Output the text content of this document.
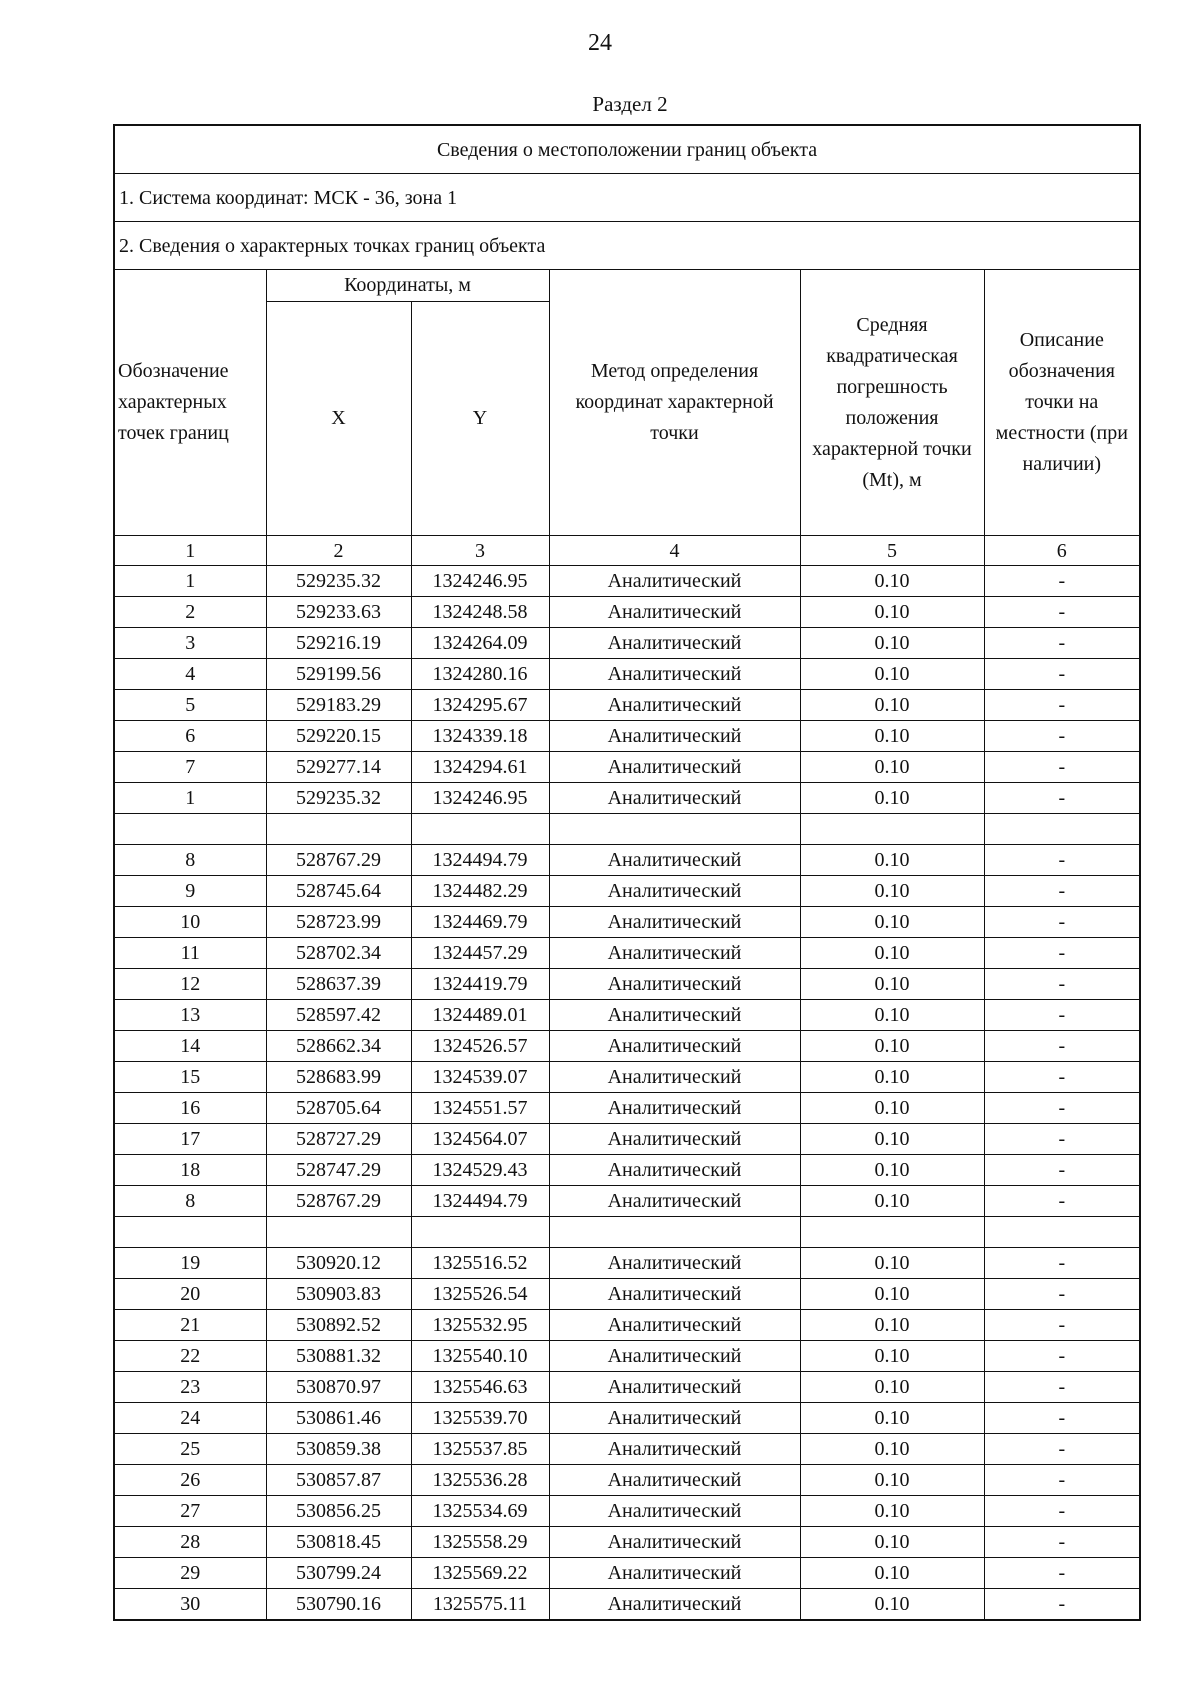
24
Раздел 2
Сведения о местоположении границ объекта					
1. Система координат: МСК - 36, зона 1					
2. Сведения о характерных точках границ объекта					
Обозначение характерных точек границ	Координаты, м		Метод определения координат характерной точки	Средняя квадратическая погрешность положения характерной точки (Mt), м	Описание обозначения точки на местности (при наличии)
	X	Y			
1	2	3	4	5	6
1	529235.32	1324246.95	Аналитический	0.10	-
2	529233.63	1324248.58	Аналитический	0.10	-
3	529216.19	1324264.09	Аналитический	0.10	-
4	529199.56	1324280.16	Аналитический	0.10	-
5	529183.29	1324295.67	Аналитический	0.10	-
6	529220.15	1324339.18	Аналитический	0.10	-
7	529277.14	1324294.61	Аналитический	0.10	-
1	529235.32	1324246.95	Аналитический	0.10	-

8	528767.29	1324494.79	Аналитический	0.10	-
9	528745.64	1324482.29	Аналитический	0.10	-
10	528723.99	1324469.79	Аналитический	0.10	-
11	528702.34	1324457.29	Аналитический	0.10	-
12	528637.39	1324419.79	Аналитический	0.10	-
13	528597.42	1324489.01	Аналитический	0.10	-
14	528662.34	1324526.57	Аналитический	0.10	-
15	528683.99	1324539.07	Аналитический	0.10	-
16	528705.64	1324551.57	Аналитический	0.10	-
17	528727.29	1324564.07	Аналитический	0.10	-
18	528747.29	1324529.43	Аналитический	0.10	-
8	528767.29	1324494.79	Аналитический	0.10	-

19	530920.12	1325516.52	Аналитический	0.10	-
20	530903.83	1325526.54	Аналитический	0.10	-
21	530892.52	1325532.95	Аналитический	0.10	-
22	530881.32	1325540.10	Аналитический	0.10	-
23	530870.97	1325546.63	Аналитический	0.10	-
24	530861.46	1325539.70	Аналитический	0.10	-
25	530859.38	1325537.85	Аналитический	0.10	-
26	530857.87	1325536.28	Аналитический	0.10	-
27	530856.25	1325534.69	Аналитический	0.10	-
28	530818.45	1325558.29	Аналитический	0.10	-
29	530799.24	1325569.22	Аналитический	0.10	-
30	530790.16	1325575.11	Аналитический	0.10	-
